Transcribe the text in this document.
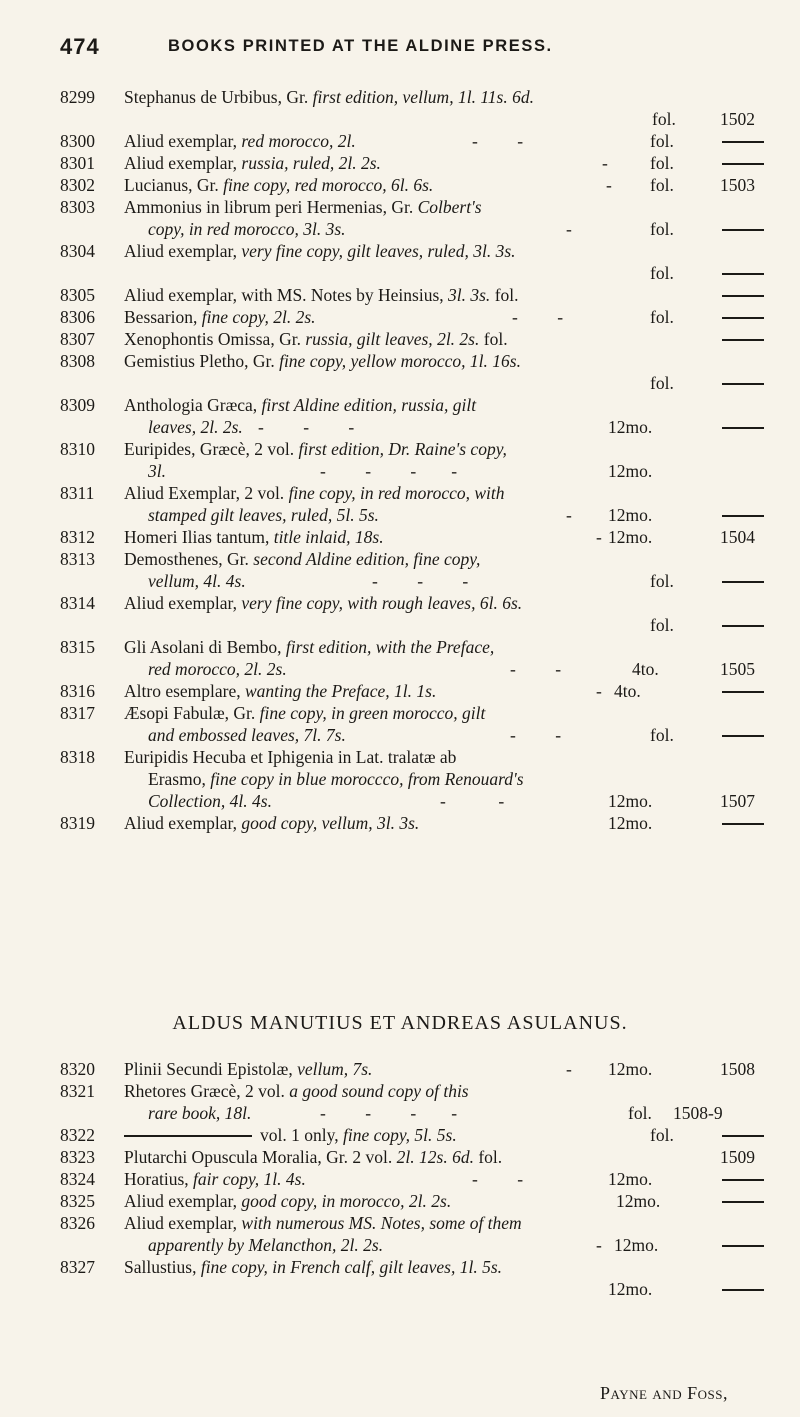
474	BOOKS PRINTED AT THE ALDINE PRESS.
8299 Stephanus de Urbibus, Gr. first edition, vellum, 1l. 11s. 6d.
fol.	1502
8300 Aliud exemplar, red morocco, 2l.	-         -	fol.
8301 Aliud exemplar, russia, ruled, 2l. 2s.	- fol.
8302 Lucianus, Gr. fine copy, red morocco, 6l. 6s.	- fol.	1503
8303 Ammonius in librum peri Hermenias, Gr. Colbert's
copy, in red morocco, 3l. 3s.	-	fol.
8304 Aliud exemplar, very fine copy, gilt leaves, ruled, 3l. 3s.
fol.
8305 Aliud exemplar, with MS. Notes by Heinsius, 3l. 3s. fol.
8306 Bessarion, fine copy, 2l. 2s.	-         -	fol.
8307 Xenophontis Omissa, Gr. russia, gilt leaves, 2l. 2s. fol.
8308 Gemistius Pletho, Gr. fine copy, yellow morocco, 1l. 16s.
fol.
8309 Anthologia Græca, first Aldine edition, russia, gilt
leaves, 2l. 2s. -         -         -	12mo.
8310 Euripides, Græcè, 2 vol. first edition, Dr. Raine's copy,
3l.	-         -         -        -	12mo.
8311 Aliud Exemplar, 2 vol. fine copy, in red morocco, with
stamped gilt leaves, ruled, 5l. 5s.	- 12mo.
8312 Homeri Ilias tantum, title inlaid, 18s.	- 12mo.	1504
8313 Demosthenes, Gr. second Aldine edition, fine copy,
vellum, 4l. 4s.	-         -         -	fol.
8314 Aliud exemplar, very fine copy, with rough leaves, 6l. 6s.
fol.
8315 Gli Asolani di Bembo, first edition, with the Preface,
red morocco, 2l. 2s.	-         -	4to.	1505
8316 Altro esemplare, wanting the Preface, 1l. 1s.	- 4to.
8317 Æsopi Fabulæ, Gr. fine copy, in green morocco, gilt
and embossed leaves, 7l. 7s.	-         -	fol.
8318 Euripidis Hecuba et Iphigenia in Lat. tralatæ ab
Erasmo, fine copy in blue moroccco, from Renouard's
Collection, 4l. 4s.	-            -	12mo.	1507
8319 Aliud exemplar, good copy, vellum, 3l. 3s.	12mo.
ALDUS MANUTIUS ET ANDREAS ASULANUS.
8320 Plinii Secundi Epistolæ, vellum, 7s.	- 12mo.	1508
8321 Rhetores Græcè, 2 vol. a good sound copy of this
rare book, 18l.	-         -         -        -	fol. 1508-9
8322	vol. 1 only, fine copy, 5l. 5s.	fol.
8323 Plutarchi Opuscula Moralia, Gr. 2 vol. 2l. 12s. 6d. fol.	1509
8324 Horatius, fair copy, 1l. 4s.	-         -	12mo.
8325 Aliud exemplar, good copy, in morocco, 2l. 2s.	12mo.
8326 Aliud exemplar, with numerous MS. Notes, some of them
apparently by Melancthon, 2l. 2s.	- 12mo.
8327 Sallustius, fine copy, in French calf, gilt leaves, 1l. 5s.
12mo.
Payne and Foss,
